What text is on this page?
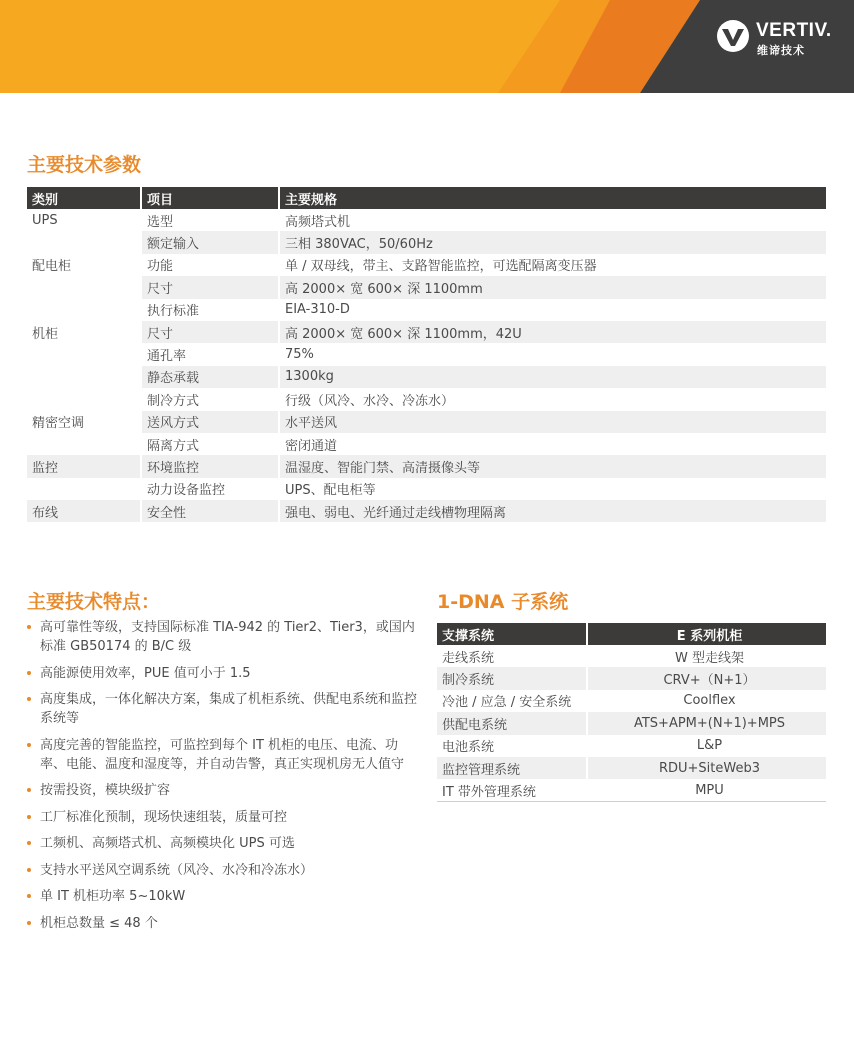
VERTIV.
维谛技术
主要技术参数
类别	项目	主要规格
UPS	选型	高频塔式机
	额定输入	三相 380VAC，50/60Hz
配电柜	功能	单 / 双母线，带主、支路智能监控，可选配隔离变压器
	尺寸	高 2000× 宽 600× 深 1100mm
	执行标准	EIA-310-D
机柜	尺寸	高 2000× 宽 600× 深 1100mm，42U
	通孔率	75%
	静态承载	1300kg
	制冷方式	行级（风冷、水冷、冷冻水）
精密空调	送风方式	水平送风
	隔离方式	密闭通道
监控	环境监控	温湿度、智能门禁、高清摄像头等
	动力设备监控	UPS、配电柜等
布线	安全性	强电、弱电、光纤通过走线槽物理隔离
主要技术特点：
高可靠性等级，支持国际标准 TIA-942 的 Tier2、Tier3，或国内标准 GB50174 的 B/C 级
高能源使用效率，PUE 值可小于 1.5
高度集成，一体化解决方案，集成了机柜系统、供配电系统和监控系统等
高度完善的智能监控，可监控到每个 IT 机柜的电压、电流、功率、电能、温度和湿度等，并自动告警，真正实现机房无人值守
按需投资，模块级扩容
工厂标准化预制，现场快速组装，质量可控
工频机、高频塔式机、高频模块化 UPS 可选
支持水平送风空调系统（风冷、水冷和冷冻水）
单 IT 机柜功率 5~10kW
机柜总数量 ≤ 48 个
1-DNA 子系统
支撑系统	E 系列机柜
走线系统	W 型走线架
制冷系统	CRV+（N+1）
冷池 / 应急 / 安全系统	Coolflex
供配电系统	ATS+APM+(N+1)+MPS
电池系统	L&P
监控管理系统	RDU+SiteWeb3
IT 带外管理系统	MPU
